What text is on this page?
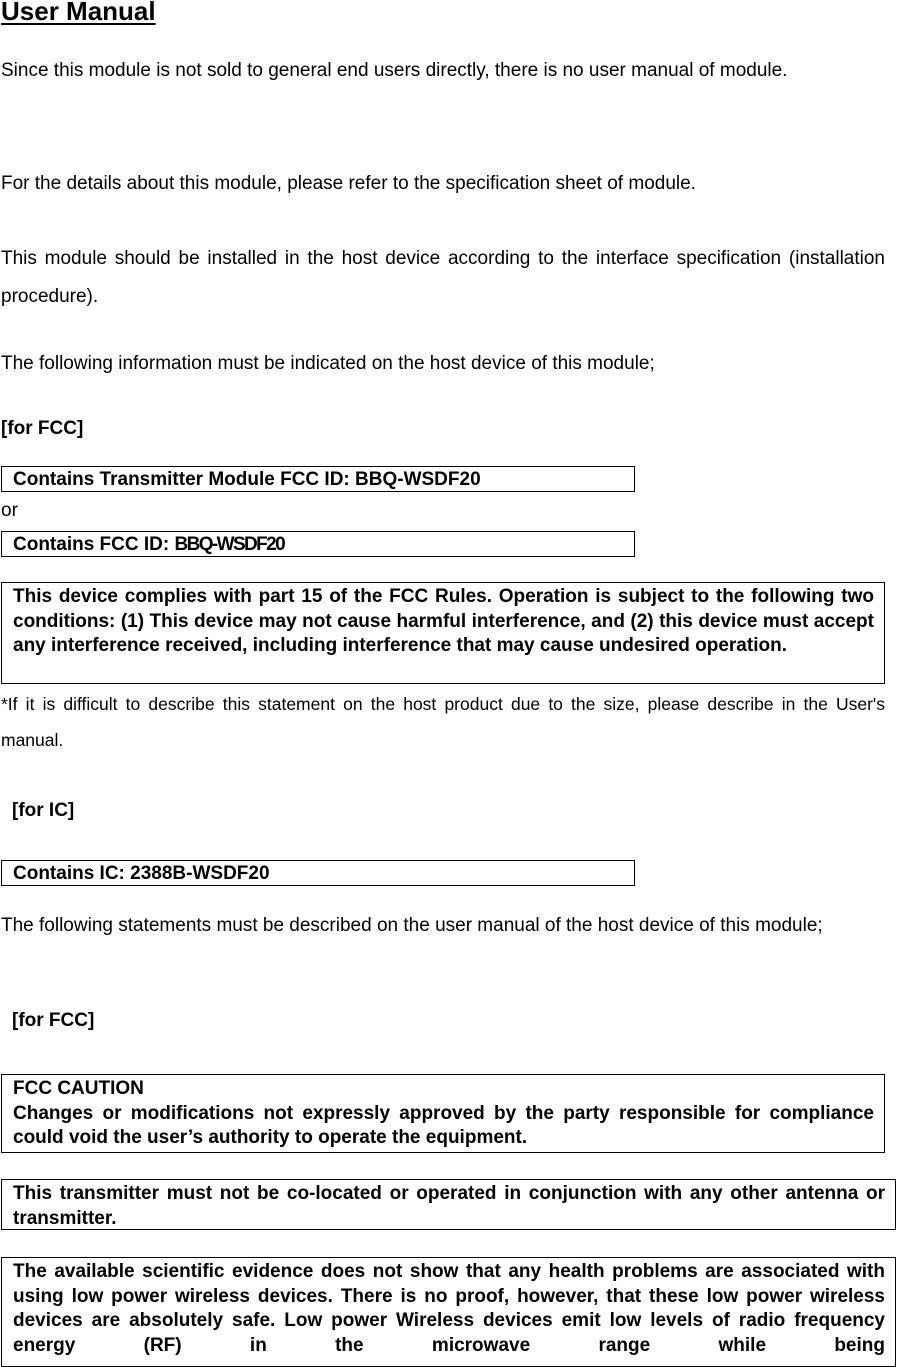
User Manual
Since this module is not sold to general end users directly, there is no user manual of module.
For the details about this module, please refer to the specification sheet of module.
This module should be installed in the host device according to the interface specification (installation procedure).
The following information must be indicated on the host device of this module;
[for FCC]
Contains Transmitter Module FCC ID: BBQ-WSDF20
or
Contains FCC ID: BBQ-WSDF20
This device complies with part 15 of the FCC Rules. Operation is subject to the following two conditions: (1) This device may not cause harmful interference, and (2) this device must accept any interference received, including interference that may cause undesired operation.
*If it is difficult to describe this statement on the host product due to the size, please describe in the User's manual.
[for IC]
Contains IC: 2388B-WSDF20
The following statements must be described on the user manual of the host device of this module;
[for FCC]
FCC CAUTION
Changes or modifications not expressly approved by the party responsible for compliance could void the user’s authority to operate the equipment.
This transmitter must not be co-located or operated in conjunction with any other antenna or transmitter.
The available scientific evidence does not show that any health problems are associated with using low power wireless devices. There is no proof, however, that these low power wireless devices are absolutely safe. Low power Wireless devices emit low levels of radio frequency energy (RF) in the microwave range while being
